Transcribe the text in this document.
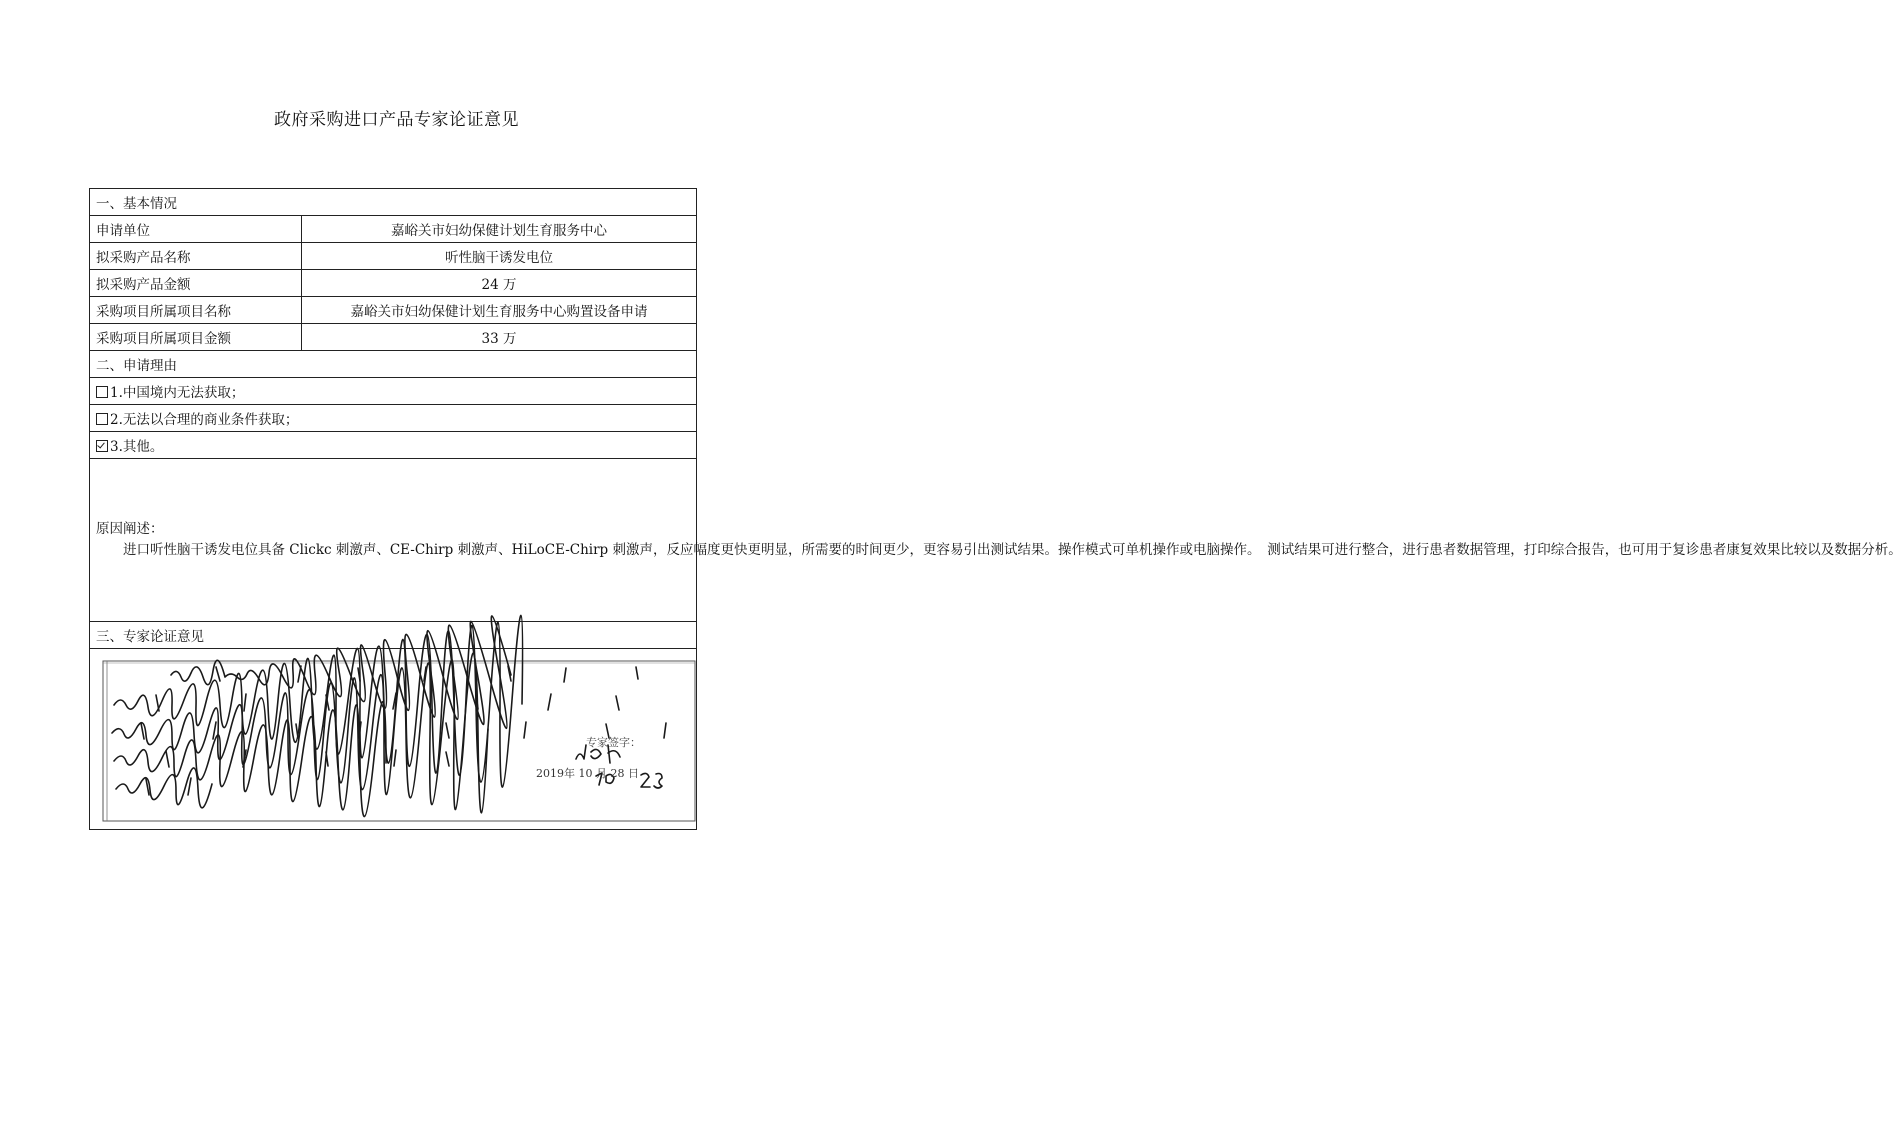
政府采购进口产品专家论证意见
一、基本情况	
申请单位	嘉峪关市妇幼保健计划生育服务中心
拟采购产品名称	听性脑干诱发电位
拟采购产品金额	24 万
采购项目所属项目名称	嘉峪关市妇幼保健计划生育服务中心购置设备申请
采购项目所属项目金额	33 万
二、申请理由	
1.中国境内无法获取；	
2.无法以合理的商业条件获取；	
3.其他。	

原因阐述：
进口听性脑干诱发电位具备 Clickc 刺激声、CE-Chirp 刺激声、HiLoCE-Chirp 刺激声，反应幅度更快更明显，所需要的时间更少，更容易引出测试结果。操作模式可单机操作或电脑操作。　测试结果可进行整合，进行患者数据管理，打印综合报告，也可用于复诊患者康复效果比较以及数据分析。	

三、专家论证意见	

专家签字：
2019年 10 月 28 日	
